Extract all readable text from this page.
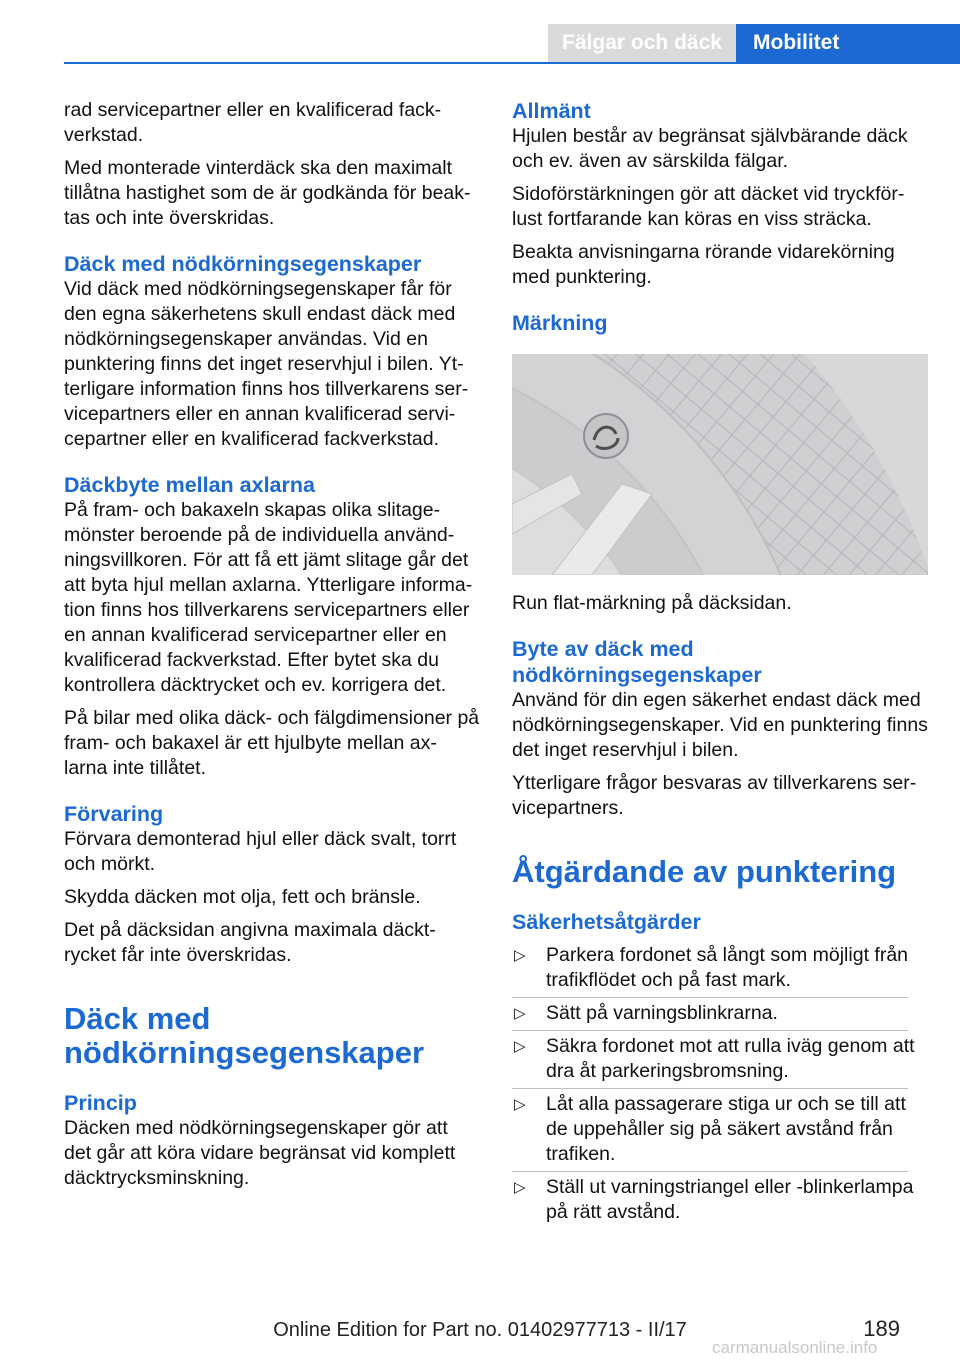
Fälgar och däck	Mobilitet

rad servicepartner eller en kvalificerad fack-verkstad.

Med monterade vinterdäck ska den maximalt tillåtna hastighet som de är godkända för beak-tas och inte överskridas.

Däck med nödkörningsegenskaper

Vid däck med nödkörningsegenskaper får för den egna säkerhetens skull endast däck med nödkörningsegenskaper användas. Vid en punktering finns det inget reservhjul i bilen. Yt-terligare information finns hos tillverkarens ser-vicepartners eller en annan kvalificerad servi-cepartner eller en kvalificerad fackverkstad.

Däckbyte mellan axlarna

På fram- och bakaxeln skapas olika slitage-mönster beroende på de individuella använd-ningsvillkoren. För att få ett jämt slitage går det att byta hjul mellan axlarna. Ytterligare informa-tion finns hos tillverkarens servicepartners eller en annan kvalificerad servicepartner eller en kvalificerad fackverkstad. Efter bytet ska du kontrollera däcktrycket och ev. korrigera det.

På bilar med olika däck- och fälgdimensioner på fram- och bakaxel är ett hjulbyte mellan ax-larna inte tillåtet.

Förvaring

Förvara demonterad hjul eller däck svalt, torrt och mörkt.

Skydda däcken mot olja, fett och bränsle.

Det på däcksidan angivna maximala däckt-rycket får inte överskridas.

Däck med
nödkörningsegenskaper
Princip

Däcken med nödkörningsegenskaper gör att det går att köra vidare begränsat vid komplett däcktrycksminskning.

Allmänt

Hjulen består av begränsat självbärande däck och ev. även av särskilda fälgar.

Sidoförstärkningen gör att däcket vid tryckför-lust fortfarande kan köras en viss sträcka.

Beakta anvisningarna rörande vidarekörning med punktering.

Märkning

Run flat-märkning på däcksidan.

Byte av däck med
nödkörningsegenskaper

Använd för din egen säkerhet endast däck med nödkörningsegenskaper. Vid en punktering finns det inget reservhjul i bilen.

Ytterligare frågor besvaras av tillverkarens ser-vicepartners.

Åtgärdande av punktering
Säkerhetsåtgärder
▷ Parkera fordonet så långt som möjligt från trafikflödet och på fast mark.
▷ Sätt på varningsblinkrarna.
▷ Säkra fordonet mot att rulla iväg genom att dra åt parkeringsbromsning.
▷ Låt alla passagerare stiga ur och se till att de uppehåller sig på säkert avstånd från trafiken.
▷ Ställ ut varningstriangel eller -blinkerlampa på rätt avstånd.
189
Online Edition for Part no. 01402977713 - II/17
carmanualsonline.info
